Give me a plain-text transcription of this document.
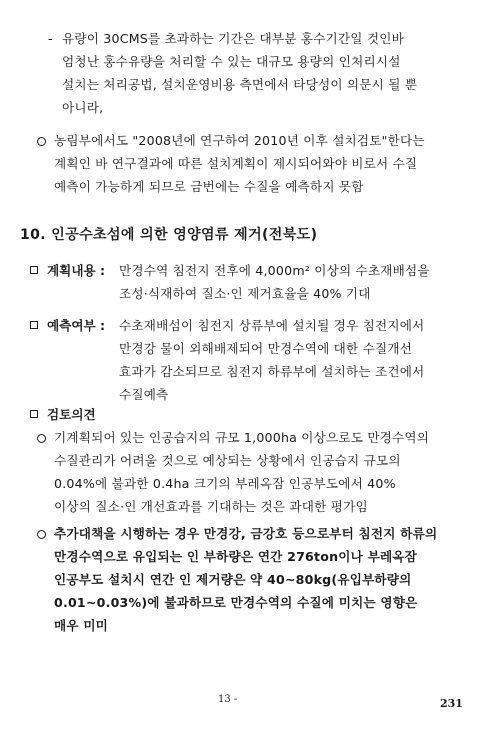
- 유량이 30CMS를 초과하는 기간은 대부분 홍수기간일 것인바
엄청난 홍수유량을 처리할 수 있는 대규모 용량의 인처리시설
설치는 처리공법, 설치운영비용 측면에서 타당성이 의문시 될 뿐
아니라,
농림부에서도 "2008년에 연구하여 2010년 이후 설치검토"한다는
계획인 바 연구결과에 따른 설치계획이 제시되어와야 비로서 수질
예측이 가능하게 되므로 금번에는 수질을 예측하지 못함
10. 인공수초섬에 의한 영양염류 제거(전북도)
계획내용 : 만경수역 침전지 전후에 4,000m² 이상의 수초재배섬을
조성·식재하여 질소·인 제거효율을 40% 기대
예측여부 : 수초재배섬이 침전지 상류부에 설치될 경우 침전지에서
만경강 물이 외해배제되어 만경수역에 대한 수질개선
효과가 감소되므로 침전지 하류부에 설치하는 조건에서
수질예측
검토의견
기계획되어 있는 인공습지의 규모 1,000ha 이상으로도 만경수역의
수질관리가 어려울 것으로 예상되는 상황에서 인공습지 규모의
0.04%에 불과한 0.4ha 크기의 부레옥잠 인공부도에서 40%
이상의 질소·인 개선효과를 기대하는 것은 과대한 평가임
추가대책을 시행하는 경우 만경강, 금강호 등으로부터 침전지 하류의
만경수역으로 유입되는 인 부하량은 연간 276ton이나 부레옥잠
인공부도 설치시 연간 인 제거량은 약 40∼80kg(유입부하량의
0.01∼0.03%)에 불과하므로 만경수역의 수질에 미치는 영향은
매우 미미
13 -	231
